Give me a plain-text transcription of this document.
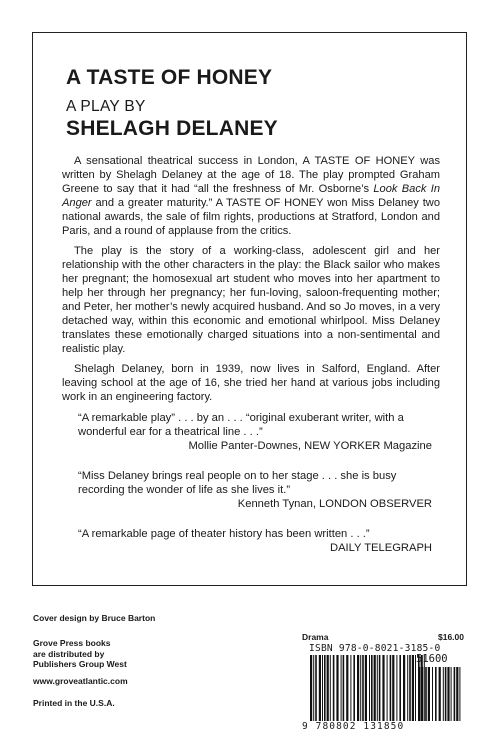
A TASTE OF HONEY
A PLAY BY
SHELAGH DELANEY

A sensational theatrical success in London, A TASTE OF HONEY was written by Shelagh Delaney at the age of 18. The play prompted Graham Greene to say that it had “all the freshness of Mr. Osborne’s Look Back In Anger and a greater maturity.” A TASTE OF HONEY won Miss Delaney two national awards, the sale of film rights, productions at Stratford, London and Paris, and a round of applause from the critics.

The play is the story of a working-class, adolescent girl and her relationship with the other characters in the play: the Black sailor who makes her pregnant; the homosexual art student who moves into her apartment to help her through her pregnancy; her fun-loving, saloon-frequenting mother; and Peter, her mother’s newly acquired husband. And so Jo moves, in a very detached way, within this economic and emotional whirlpool. Miss Delaney translates these emotionally charged situations into a non-sentimental and realistic play.

Shelagh Delaney, born in 1939, now lives in Salford, England. After leaving school at the age of 16, she tried her hand at various jobs including work in an engineering factory.

“A remarkable play” . . . by an . . . “original exuberant writer, with a wonderful ear for a theatrical line . . .”
Mollie Panter-Downes, NEW YORKER Magazine
“Miss Delaney brings real people on to her stage . . . she is busy recording the wonder of life as she lives it.”
Kenneth Tynan, LONDON OBSERVER
“A remarkable page of theater history has been written . . .”
DAILY TELEGRAPH
Cover design by Bruce Barton
Grove Press books
are distributed by
Publishers Group West
www.groveatlantic.com
Printed in the U.S.A.
Drama	$16.00
ISBN 978-0-8021-3185-0
51600
9 780802 131850
